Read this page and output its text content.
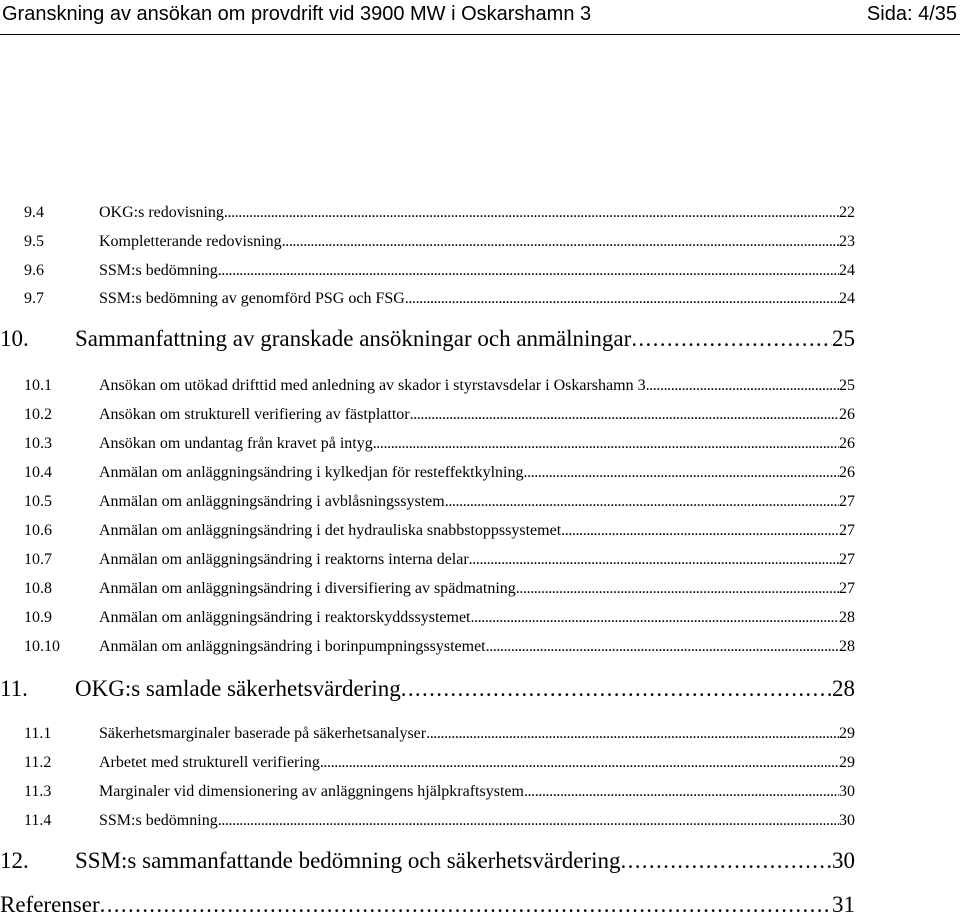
Granskning av ansökan om provdrift vid 3900 MW i Oskarshamn 3	Sida: 4/35
9.4	OKG:s redovisning . . .	22
9.5	Kompletterande redovisning . . .	23
9.6	SSM:s bedömning . . .	24
9.7	SSM:s bedömning av genomförd PSG och FSG . . .	24
10.	Sammanfattning av granskade ansökningar och anmälningar . . .	25
10.1	Ansökan om utökad drifttid med anledning av skador i styrstavsdelar i Oskarshamn 3 . . .	25
10.2	Ansökan om strukturell verifiering av fästplattor . . .	26
10.3	Ansökan om undantag från kravet på intyg . . .	26
10.4	Anmälan om anläggningsändring i kylkedjan för resteffektkylning . . .	26
10.5	Anmälan om anläggningsändring i avblåsningssystem . . .	27
10.6	Anmälan om anläggningsändring i det hydrauliska snabbstoppssystemet . . .	27
10.7	Anmälan om anläggningsändring i reaktorns interna delar . . .	27
10.8	Anmälan om anläggningsändring i diversifiering av spädmatning . . .	27
10.9	Anmälan om anläggningsändring i reaktorskyddssystemet . . .	28
10.10	Anmälan om anläggningsändring i borinpumpningssystemet . . .	28
11.	OKG:s samlade säkerhetsvärdering . . .	28
11.1	Säkerhetsmarginaler baserade på säkerhetsanalyser . . .	29
11.2	Arbetet med strukturell verifiering . . .	29
11.3	Marginaler vid dimensionering av anläggningens hjälpkraftsystem . . .	30
11.4	SSM:s bedömning . . .	30
12.	SSM:s sammanfattande bedömning och säkerhetsvärdering . . .	30
Referenser . . .	31
